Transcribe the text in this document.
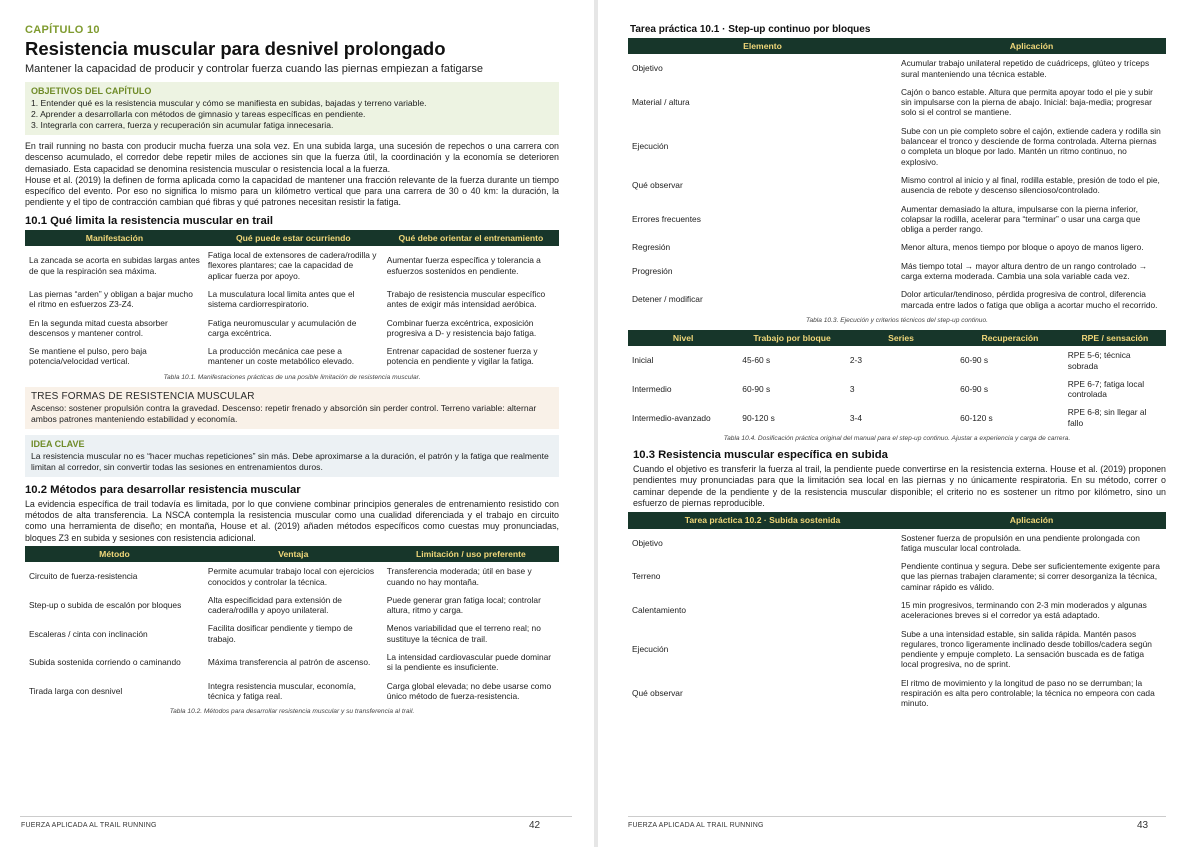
CAPÍTULO 10

Resistencia muscular para desnivel prolongado

Mantener la capacidad de producir y controlar fuerza cuando las piernas empiezan a fatigarse

OBJETIVOS DEL CAPÍTULO

1. Entender qué es la resistencia muscular y cómo se manifiesta en subidas, bajadas y terreno variable.

2. Aprender a desarrollarla con métodos de gimnasio y tareas específicas en pendiente.

3. Integrarla con carrera, fuerza y recuperación sin acumular fatiga innecesaria.

En trail running no basta con producir mucha fuerza una sola vez. En una subida larga, una sucesión de repechos o una carrera con descenso acumulado, el corredor debe repetir miles de acciones sin que la fuerza útil, la coordinación y la economía se deterioren demasiado. Esta capacidad se denomina resistencia muscular o resistencia local a la fuerza.

House et al. (2019) la definen de forma aplicada como la capacidad de mantener una fracción relevante de la fuerza durante un tiempo específico del evento. Por eso no significa lo mismo para un kilómetro vertical que para una carrera de 30 o 40 km: la duración, la pendiente y el tipo de contracción cambian qué fibras y qué patrones necesitan resistir la fatiga.

10.1 Qué limita la resistencia muscular en trail
Manifestación	Qué puede estar ocurriendo	Qué debe orientar el entrenamiento
La zancada se acorta en subidas largas antes de que la respiración sea máxima.	Fatiga local de extensores de cadera/rodilla y flexores plantares; cae la capacidad de aplicar fuerza por apoyo.	Aumentar fuerza específica y tolerancia a esfuerzos sostenidos en pendiente.
Las piernas “arden” y obligan a bajar mucho el ritmo en esfuerzos Z3-Z4.	La musculatura local limita antes que el sistema cardiorrespiratorio.	Trabajo de resistencia muscular específico antes de exigir más intensidad aeróbica.
En la segunda mitad cuesta absorber descensos y mantener control.	Fatiga neuromuscular y acumulación de carga excéntrica.	Combinar fuerza excéntrica, exposición progresiva a D- y resistencia bajo fatiga.
Se mantiene el pulso, pero baja potencia/velocidad vertical.	La producción mecánica cae pese a mantener un coste metabólico elevado.	Entrenar capacidad de sostener fuerza y potencia en pendiente y vigilar la fatiga.
Tabla 10.1. Manifestaciones prácticas de una posible limitación de resistencia muscular.
TRES FORMAS DE RESISTENCIA MUSCULAR

Ascenso: sostener propulsión contra la gravedad. Descenso: repetir frenado y absorción sin perder control. Terreno variable: alternar ambos patrones manteniendo estabilidad y economía.

IDEA CLAVE

La resistencia muscular no es “hacer muchas repeticiones” sin más. Debe aproximarse a la duración, el patrón y la fatiga que realmente limitan al corredor, sin convertir todas las sesiones en entrenamientos duros.

10.2 Métodos para desarrollar resistencia muscular

La evidencia específica de trail todavía es limitada, por lo que conviene combinar principios generales de entrenamiento resistido con métodos de alta transferencia. La NSCA contempla la resistencia muscular como una cualidad diferenciada y el trabajo en circuito como una herramienta de diseño; en montaña, House et al. (2019) añaden métodos específicos como cuestas muy pronunciadas, bloques Z3 en subida y sesiones con resistencia adicional.

Método	Ventaja	Limitación / uso preferente
Circuito de fuerza-resistencia	Permite acumular trabajo local con ejercicios conocidos y controlar la técnica.	Transferencia moderada; útil en base y cuando no hay montaña.
Step-up o subida de escalón por bloques	Alta especificidad para extensión de cadera/rodilla y apoyo unilateral.	Puede generar gran fatiga local; controlar altura, ritmo y carga.
Escaleras / cinta con inclinación	Facilita dosificar pendiente y tiempo de trabajo.	Menos variabilidad que el terreno real; no sustituye la técnica de trail.
Subida sostenida corriendo o caminando	Máxima transferencia al patrón de ascenso.	La intensidad cardiovascular puede dominar si la pendiente es insuficiente.
Tirada larga con desnivel	Integra resistencia muscular, economía, técnica y fatiga real.	Carga global elevada; no debe usarse como único método de fuerza-resistencia.
Tabla 10.2. Métodos para desarrollar resistencia muscular y su transferencia al trail.
FUERZA APLICADA AL TRAIL RUNNING	42
Tarea práctica 10.1 · Step-up continuo por bloques
Elemento	Aplicación
Objetivo	Acumular trabajo unilateral repetido de cuádriceps, glúteo y tríceps sural manteniendo una técnica estable.
Material / altura	Cajón o banco estable. Altura que permita apoyar todo el pie y subir sin impulsarse con la pierna de abajo. Inicial: baja-media; progresar solo si el control se mantiene.
Ejecución	Sube con un pie completo sobre el cajón, extiende cadera y rodilla sin balancear el tronco y desciende de forma controlada. Alterna piernas o completa un bloque por lado. Mantén un ritmo continuo, no explosivo.
Qué observar	Mismo control al inicio y al final, rodilla estable, presión de todo el pie, ausencia de rebote y descenso silencioso/controlado.
Errores frecuentes	Aumentar demasiado la altura, impulsarse con la pierna inferior, colapsar la rodilla, acelerar para “terminar” o usar una carga que obliga a perder rango.
Regresión	Menor altura, menos tiempo por bloque o apoyo de manos ligero.
Progresión	Más tiempo total → mayor altura dentro de un rango controlado → carga externa moderada. Cambia una sola variable cada vez.
Detener / modificar	Dolor articular/tendinoso, pérdida progresiva de control, diferencia marcada entre lados o fatiga que obliga a acortar mucho el recorrido.
Tabla 10.3. Ejecución y criterios técnicos del step-up continuo.
Nivel	Trabajo por bloque	Series	Recuperación	RPE / sensación
Inicial	45-60 s	2-3	60-90 s	RPE 5-6; técnica sobrada
Intermedio	60-90 s	3	60-90 s	RPE 6-7; fatiga local controlada
Intermedio-avanzado	90-120 s	3-4	60-120 s	RPE 6-8; sin llegar al fallo
Tabla 10.4. Dosificación práctica original del manual para el step-up continuo. Ajustar a experiencia y carga de carrera.
10.3 Resistencia muscular específica en subida

Cuando el objetivo es transferir la fuerza al trail, la pendiente puede convertirse en la resistencia externa. House et al. (2019) proponen pendientes muy pronunciadas para que la limitación sea local en las piernas y no únicamente respiratoria. En su método, correr o caminar depende de la pendiente y de la resistencia muscular disponible; el criterio no es sostener un ritmo por kilómetro, sino un esfuerzo de piernas reproducible.

Tarea práctica 10.2 · Subida sostenida	Aplicación
Objetivo	Sostener fuerza de propulsión en una pendiente prolongada con fatiga muscular local controlada.
Terreno	Pendiente continua y segura. Debe ser suficientemente exigente para que las piernas trabajen claramente; si correr desorganiza la técnica, caminar rápido es válido.
Calentamiento	15 min progresivos, terminando con 2-3 min moderados y algunas aceleraciones breves si el corredor ya está adaptado.
Ejecución	Sube a una intensidad estable, sin salida rápida. Mantén pasos regulares, tronco ligeramente inclinado desde tobillos/cadera según pendiente y empuje completo. La sensación buscada es de fatiga local progresiva, no de sprint.
Qué observar	El ritmo de movimiento y la longitud de paso no se derrumban; la respiración es alta pero controlable; la técnica no empeora con cada minuto.
FUERZA APLICADA AL TRAIL RUNNING	43
